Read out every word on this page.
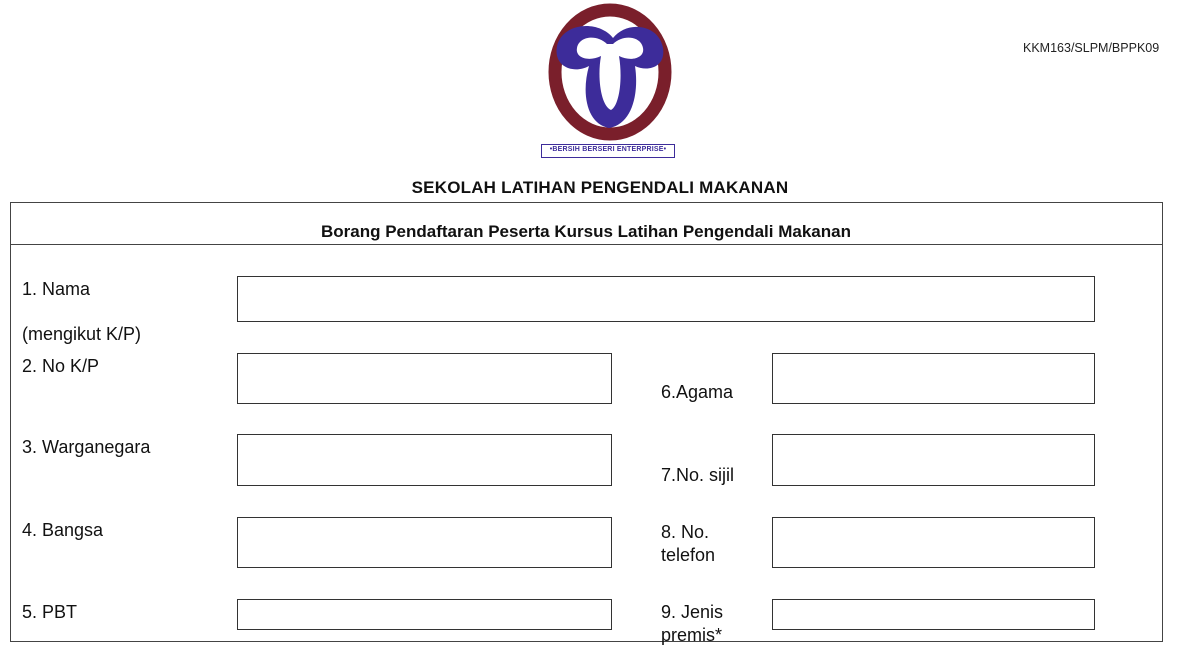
KKM163/SLPM/BPPK09
•BERSIH BERSERI ENTERPRISE•
SEKOLAH LATIHAN PENGENDALI MAKANAN
Borang Pendaftaran Peserta Kursus Latihan Pengendali Makanan
1. Nama
(mengikut K/P)
2. No K/P
6.Agama
3. Warganegara
7.No. sijil
4. Bangsa	8. No. telefon
5. PBT	9. Jenis
premis*
